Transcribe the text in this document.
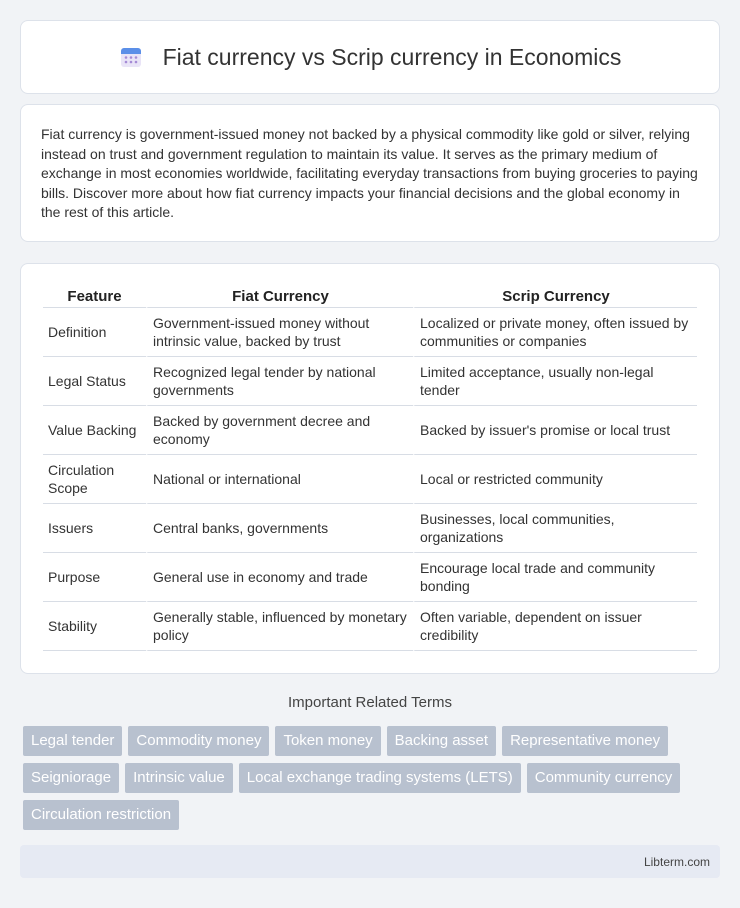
Fiat currency vs Scrip currency in Economics

Fiat currency is government-issued money not backed by a physical commodity like gold or silver, relying instead on trust and government regulation to maintain its value. It serves as the primary medium of exchange in most economies worldwide, facilitating everyday transactions from buying groceries to paying bills. Discover more about how fiat currency impacts your financial decisions and the global economy in the rest of this article.

Feature	Fiat Currency	Scrip Currency
Definition	Government-issued money without intrinsic value, backed by trust	Localized or private money, often issued by communities or companies
Legal Status	Recognized legal tender by national governments	Limited acceptance, usually non-legal tender
Value Backing	Backed by government decree and economy	Backed by issuer's promise or local trust
Circulation Scope	National or international	Local or restricted community
Issuers	Central banks, governments	Businesses, local communities, organizations
Purpose	General use in economy and trade	Encourage local trade and community bonding
Stability	Generally stable, influenced by monetary policy	Often variable, dependent on issuer credibility
Important Related Terms
Legal tender	Commodity money	Token money	Backing asset	Representative money
Seigniorage	Intrinsic value	Local exchange trading systems (LETS)	Community currency
Circulation restriction
Libterm.com
